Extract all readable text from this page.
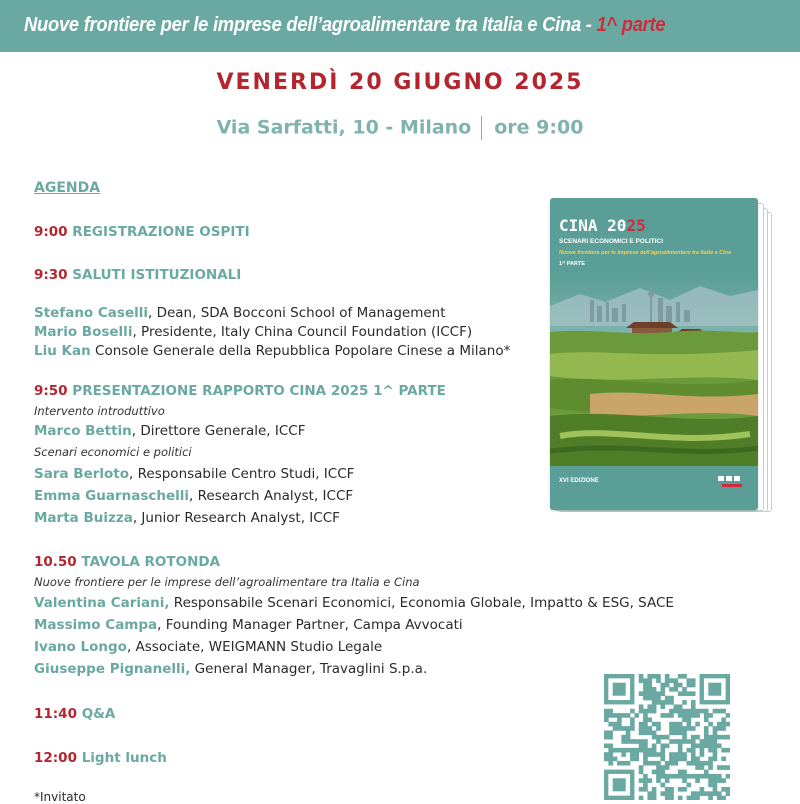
Nuove frontiere per le imprese dell’agroalimentare tra Italia e Cina - 1^ parte
VENERDÌ 20 GIUGNO 2025
Via Sarfatti, 10 - Milano ore 9:00
AGENDA
9:00 REGISTRAZIONE OSPITI
9:30 SALUTI ISTITUZIONALI
Stefano Caselli, Dean, SDA Bocconi School of Management
Mario Boselli, Presidente, Italy China Council Foundation (ICCF)
Liu Kan Console Generale della Repubblica Popolare Cinese a Milano*
9:50 PRESENTAZIONE RAPPORTO CINA 2025 1^ PARTE
Intervento introduttivo
Marco Bettin, Direttore Generale, ICCF
Scenari economici e politici
Sara Berloto, Responsabile Centro Studi, ICCF
Emma Guarnaschelli, Research Analyst, ICCF
Marta Buizza, Junior Research Analyst, ICCF
10.50 TAVOLA ROTONDA
Nuove frontiere per le imprese dell’agroalimentare tra Italia e Cina
Valentina Cariani, Responsabile Scenari Economici, Economia Globale, Impatto & ESG, SACE
Massimo Campa, Founding Manager Partner, Campa Avvocati
Ivano Longo, Associate, WEIGMANN Studio Legale
Giuseppe Pignanelli, General Manager, Travaglini S.p.a.
11:40 Q&A
12:00 Light lunch
*Invitato
CINA 2025
SCENARI ECONOMICI E POLITICI
Nuove frontiere per le imprese dell’agroalimentare tra Italia e Cina
1^ PARTE
XVI EDIZIONE
